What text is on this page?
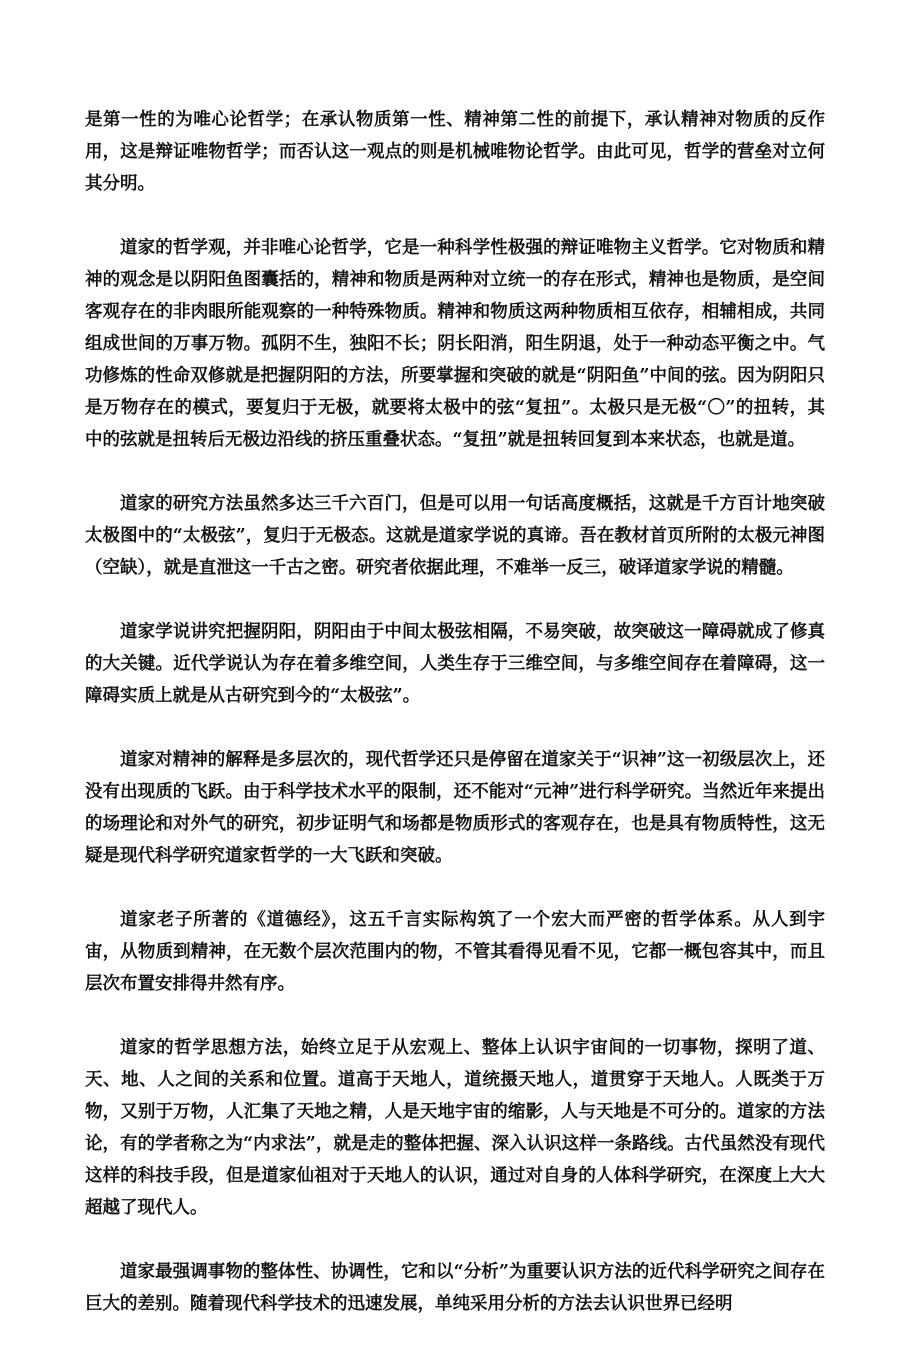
是第一性的为唯心论哲学；在承认物质第一性、精神第二性的前提下，承认精神对物质的反作用，这是辩证唯物哲学；而否认这一观点的则是机械唯物论哲学。由此可见，哲学的营垒对立何其分明。

道家的哲学观，并非唯心论哲学，它是一种科学性极强的辩证唯物主义哲学。它对物质和精神的观念是以阴阳鱼图囊括的，精神和物质是两种对立统一的存在形式，精神也是物质，是空间客观存在的非肉眼所能观察的一种特殊物质。精神和物质这两种物质相互依存，相辅相成，共同组成世间的万事万物。孤阴不生，独阳不长；阴长阳消，阳生阴退，处于一种动态平衡之中。气功修炼的性命双修就是把握阴阳的方法，所要掌握和突破的就是“阴阳鱼”中间的弦。因为阴阳只是万物存在的模式，要复归于无极，就要将太极中的弦“复扭”。太极只是无极“〇”的扭转，其中的弦就是扭转后无极边沿线的挤压重叠状态。“复扭”就是扭转回复到本来状态，也就是道。

道家的研究方法虽然多达三千六百门，但是可以用一句话高度概括，这就是千方百计地突破太极图中的“太极弦”，复归于无极态。这就是道家学说的真谛。吾在教材首页所附的太极元神图（空缺），就是直泄这一千古之密。研究者依据此理，不难举一反三，破译道家学说的精髓。

道家学说讲究把握阴阳，阴阳由于中间太极弦相隔，不易突破，故突破这一障碍就成了修真的大关键。近代学说认为存在着多维空间，人类生存于三维空间，与多维空间存在着障碍，这一障碍实质上就是从古研究到今的“太极弦”。

道家对精神的解释是多层次的，现代哲学还只是停留在道家关于“识神”这一初级层次上，还没有出现质的飞跃。由于科学技术水平的限制，还不能对“元神”进行科学研究。当然近年来提出的场理论和对外气的研究，初步证明气和场都是物质形式的客观存在，也是具有物质特性，这无疑是现代科学研究道家哲学的一大飞跃和突破。

道家老子所著的《道德经》，这五千言实际构筑了一个宏大而严密的哲学体系。从人到宇宙，从物质到精神，在无数个层次范围内的物，不管其看得见看不见，它都一概包容其中，而且层次布置安排得井然有序。

道家的哲学思想方法，始终立足于从宏观上、整体上认识宇宙间的一切事物，探明了道、天、地、人之间的关系和位置。道高于天地人，道统摄天地人，道贯穿于天地人。人既类于万物，又别于万物，人汇集了天地之精，人是天地宇宙的缩影，人与天地是不可分的。道家的方法论，有的学者称之为“内求法”，就是走的整体把握、深入认识这样一条路线。古代虽然没有现代这样的科技手段，但是道家仙祖对于天地人的认识，通过对自身的人体科学研究，在深度上大大超越了现代人。

道家最强调事物的整体性、协调性，它和以“分析”为重要认识方法的近代科学研究之间存在巨大的差别。随着现代科学技术的迅速发展，单纯采用分析的方法去认识世界已经明
